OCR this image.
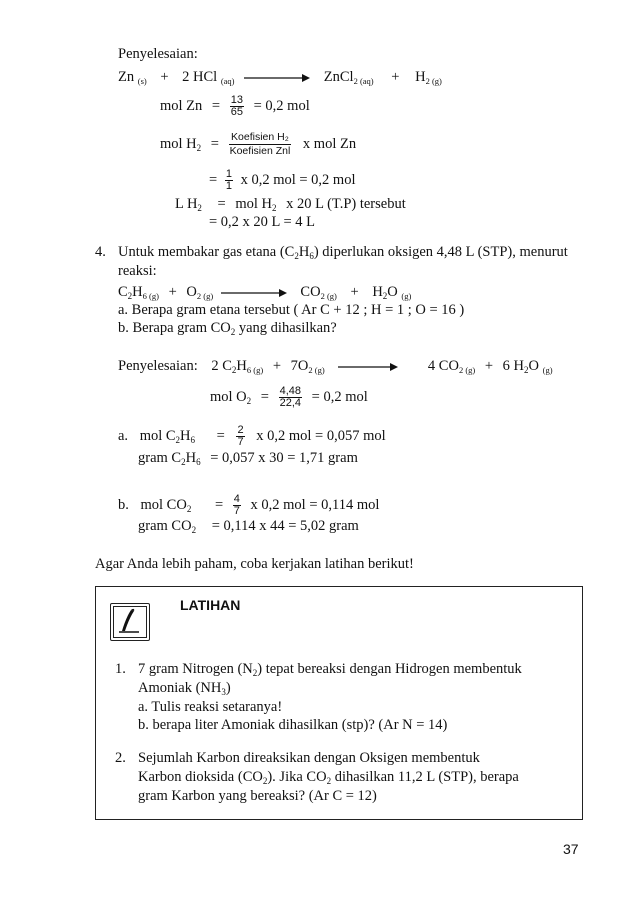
Penyelesaian:
Zn $_{(s)}$ + 2 HCl $_{(aq)}$	ZnCl$_{2 (aq)}$ + $H_{2 (g)}$
mol $Zn = \frac{13}{65} = 0,2$ mol
mol $H_2 = \frac{\text{Koefisien H₂}}{\text{Koefisien Znl}}$ x mol Zn
= $\frac{1}{1}$ x 0,2 mol = 0,2 mol
L $H_2$ = mol $H_2$ x 20 L (T.P) tersebut
= 0,2 x 20 L = 4 L
4. Untuk membakar gas etana $(C_2H_6)$ diperlukan oksigen 4,48 L (STP), menurut
reaksi:
$C_2H_{6 (g)} + O_{2 (g)}$	$CO_{2 (g)} + H_2O$ $_{(g)}$
a. Berapa gram etana tersebut ( Ar C + 12 ; H = 1 ; O = 16 )
b. Berapa gram $CO_2$ yang dihasilkan?
Penyelesaian: 2 $C_2H_{6 (g)} + 7O_{2 (g)}$	4 $CO_{2 (g)} + 6$ $H_2O$ $_{(g)}$
mol $O_2 = \frac{4,48}{22,4} = 0,2$ mol
a. mol $C_2H_6 = \frac{2}{7}$ x 0,2 mol = 0,057 mol
gram $C_2H_6 = 0,057$ x 30 = 1,71 gram
b. mol $CO_2 = \frac{4}{7}$ x 0,2 mol = 0,114 mol
gram $CO_2 = 0,114$ x 44 = 5,02 gram
Agar Anda lebih paham, coba kerjakan latihan berikut!
LATIHAN
1. 7 gram Nitrogen $(N_2)$ tepat bereaksi dengan Hidrogen membentuk
Amoniak $(NH_3)$
a. Tulis reaksi setaranya!
b. berapa liter Amoniak dihasilkan (stp)? (Ar N = 14)
2. Sejumlah Karbon direaksikan dengan Oksigen membentuk
Karbon dioksida $(CO_2)$. Jika $CO_2$ dihasilkan 11,2 L (STP), berapa
gram Karbon yang bereaksi? (Ar C = 12)
37
